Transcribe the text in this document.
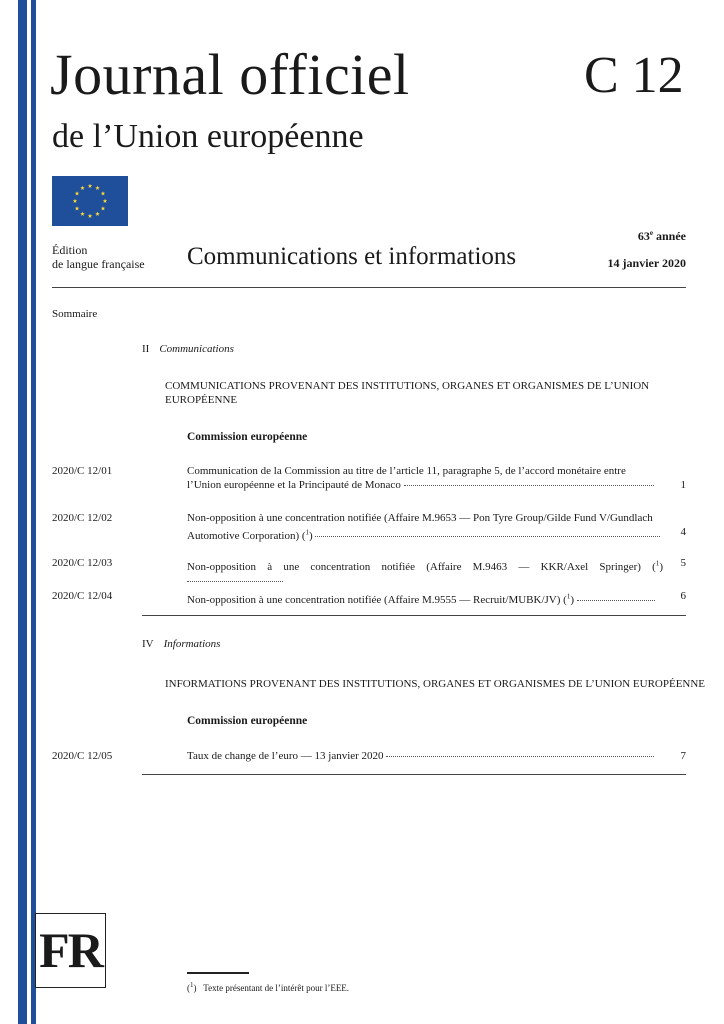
Journal officiel
de l’Union européenne
C 12
Édition
de langue française Communications et informations
63e année
14 janvier 2020
Sommaire
II Communications
COMMUNICATIONS PROVENANT DES INSTITUTIONS, ORGANES ET ORGANISMES DE L’UNION
EUROPÉENNE
Commission européenne
2020/C 12/01	Communication de la Commission au titre de l’article 11, paragraphe 5, de l’accord monétaire entre
l’Union européenne et la Principauté de Monaco	1
2020/C 12/02	Non-opposition à une concentration notifiée (Affaire M.9653 — Pon Tyre Group/Gilde Fund V/Gundlach
Automotive Corporation) ($^1$)	4
2020/C 12/03	Non-opposition à une concentration notifiée (Affaire M.9463 — KKR/Axel Springer) ($^1$) 5
2020/C 12/04	Non-opposition à une concentration notifiée (Affaire M.9555 — Recruit/MUBK/JV) ($^1$)	6
IV Informations
INFORMATIONS PROVENANT DES INSTITUTIONS, ORGANES ET ORGANISMES DE L’UNION EUROPÉENNE
Commission européenne
2020/C 12/05	Taux de change de l’euro — 13 janvier 2020	7
FR
($^1$)   Texte présentant de l’intérêt pour l’EEE.
